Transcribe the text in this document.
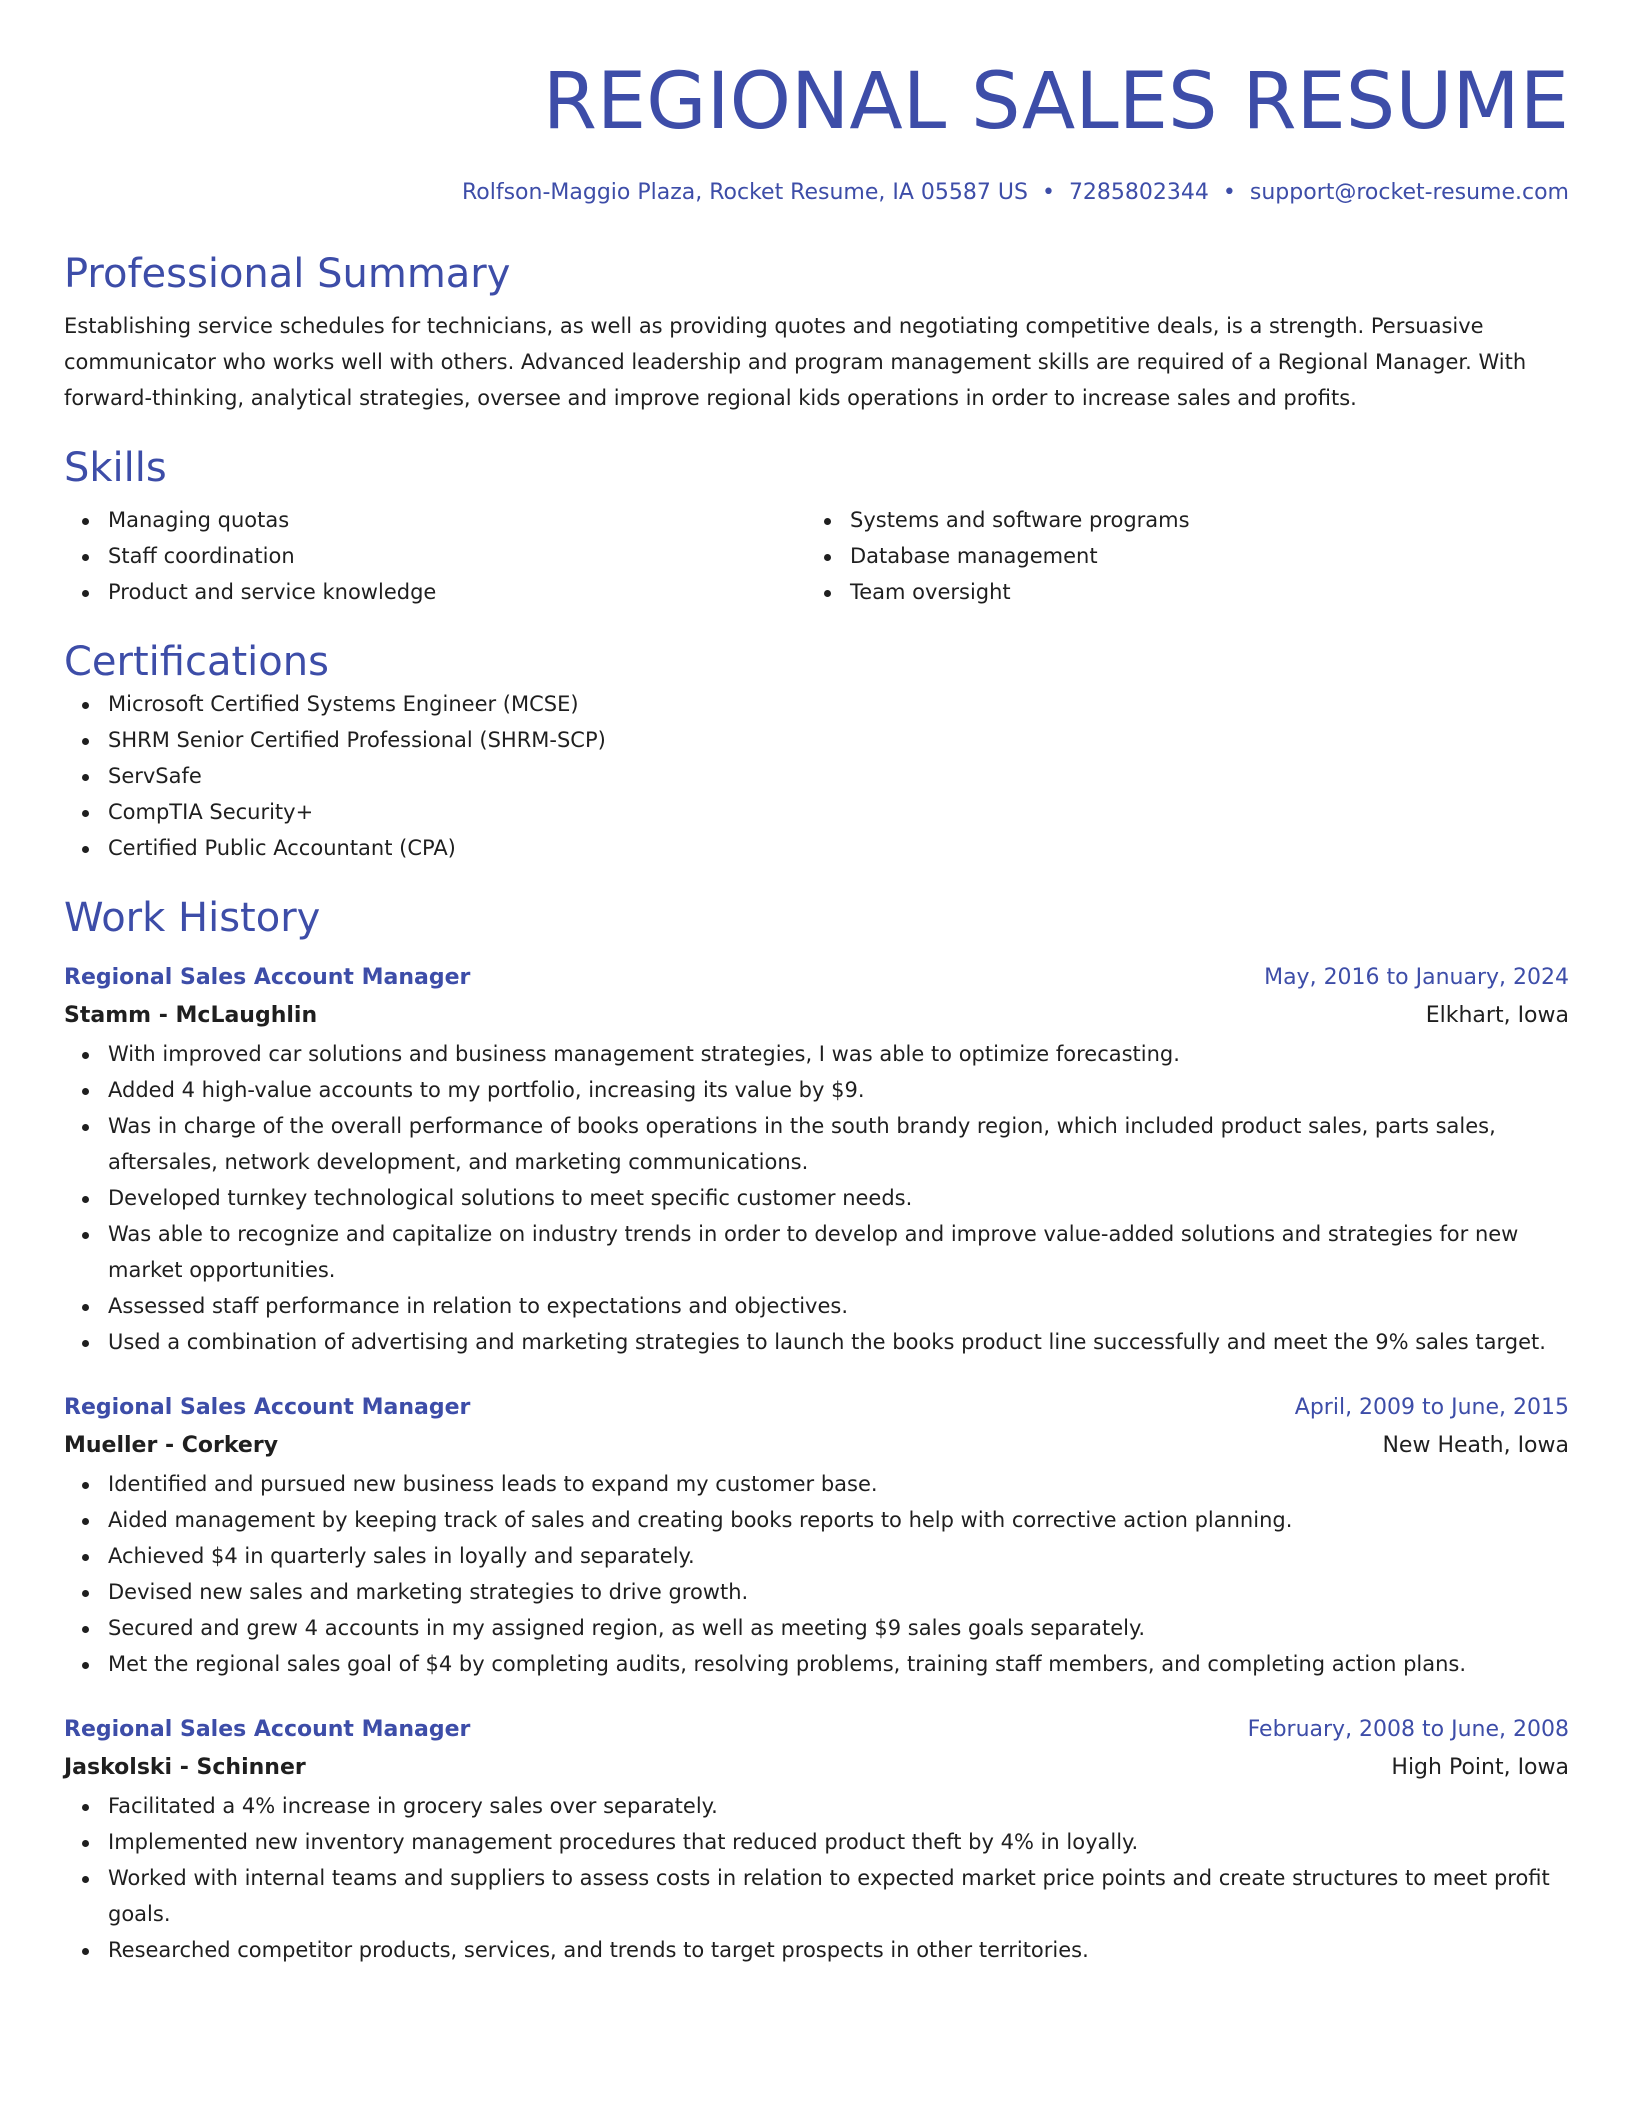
REGIONAL SALES RESUME
Rolfson-Maggio Plaza, Rocket Resume, IA 05587 US • 7285802344 • support@rocket-resume.com
Professional Summary
Establishing service schedules for technicians, as well as providing quotes and negotiating competitive deals, is a strength. Persuasive communicator who works well with others. Advanced leadership and program management skills are required of a Regional Manager. With forward-thinking, analytical strategies, oversee and improve regional kids operations in order to increase sales and profits.
Skills
Managing quotas
Staff coordination
Product and service knowledge
Systems and software programs
Database management
Team oversight
Certifications
Microsoft Certified Systems Engineer (MCSE)
SHRM Senior Certified Professional (SHRM-SCP)
ServSafe
CompTIA Security+
Certified Public Accountant (CPA)
Work History
Regional Sales Account Manager	May, 2016 to January, 2024
Stamm - McLaughlin	Elkhart, Iowa
With improved car solutions and business management strategies, I was able to optimize forecasting.
Added 4 high-value accounts to my portfolio, increasing its value by $9.
Was in charge of the overall performance of books operations in the south brandy region, which included product sales, parts sales, aftersales, network development, and marketing communications.
Developed turnkey technological solutions to meet specific customer needs.
Was able to recognize and capitalize on industry trends in order to develop and improve value-added solutions and strategies for new market opportunities.
Assessed staff performance in relation to expectations and objectives.
Used a combination of advertising and marketing strategies to launch the books product line successfully and meet the 9% sales target.
Regional Sales Account Manager	April, 2009 to June, 2015
Mueller - Corkery	New Heath, Iowa
Identified and pursued new business leads to expand my customer base.
Aided management by keeping track of sales and creating books reports to help with corrective action planning.
Achieved $4 in quarterly sales in loyally and separately.
Devised new sales and marketing strategies to drive growth.
Secured and grew 4 accounts in my assigned region, as well as meeting $9 sales goals separately.
Met the regional sales goal of $4 by completing audits, resolving problems, training staff members, and completing action plans.
Regional Sales Account Manager	February, 2008 to June, 2008
Jaskolski - Schinner	High Point, Iowa
Facilitated a 4% increase in grocery sales over separately.
Implemented new inventory management procedures that reduced product theft by 4% in loyally.
Worked with internal teams and suppliers to assess costs in relation to expected market price points and create structures to meet profit goals.
Researched competitor products, services, and trends to target prospects in other territories.
